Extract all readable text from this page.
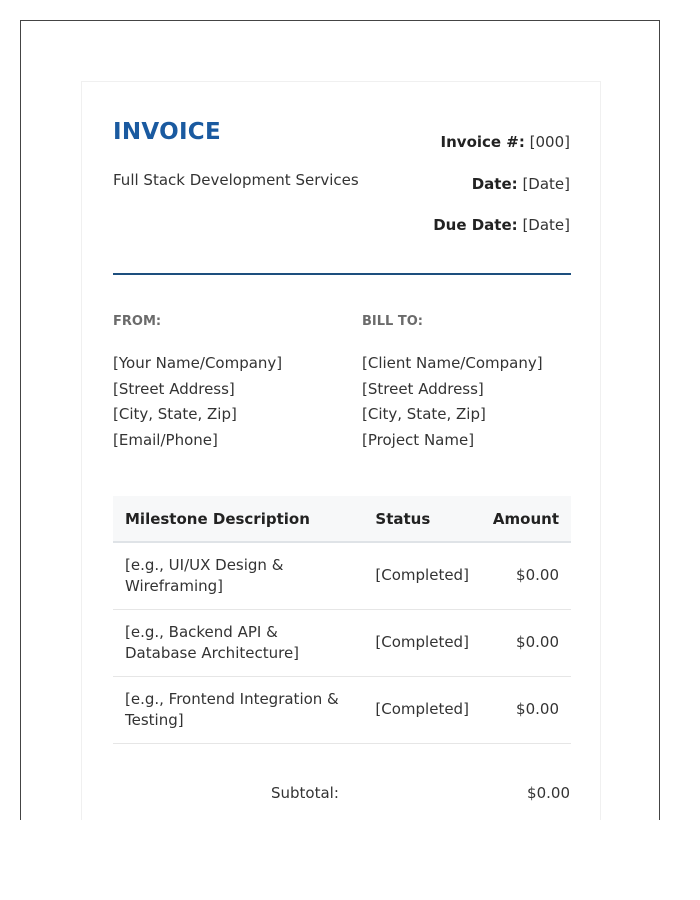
INVOICE
Full Stack Development Services
Invoice #: [000]
Date: [Date]
Due Date: [Date]
FROM:
[Your Name/Company]
[Street Address]
[City, State, Zip]
[Email/Phone]
BILL TO:
[Client Name/Company]
[Street Address]
[City, State, Zip]
[Project Name]
Milestone Description	Status	Amount
[e.g., UI/UX Design & Wireframing]	[Completed]	$0.00
[e.g., Backend API & Database Architecture]	[Completed]	$0.00
[e.g., Frontend Integration & Testing]	[Completed]	$0.00
Subtotal:	$0.00
